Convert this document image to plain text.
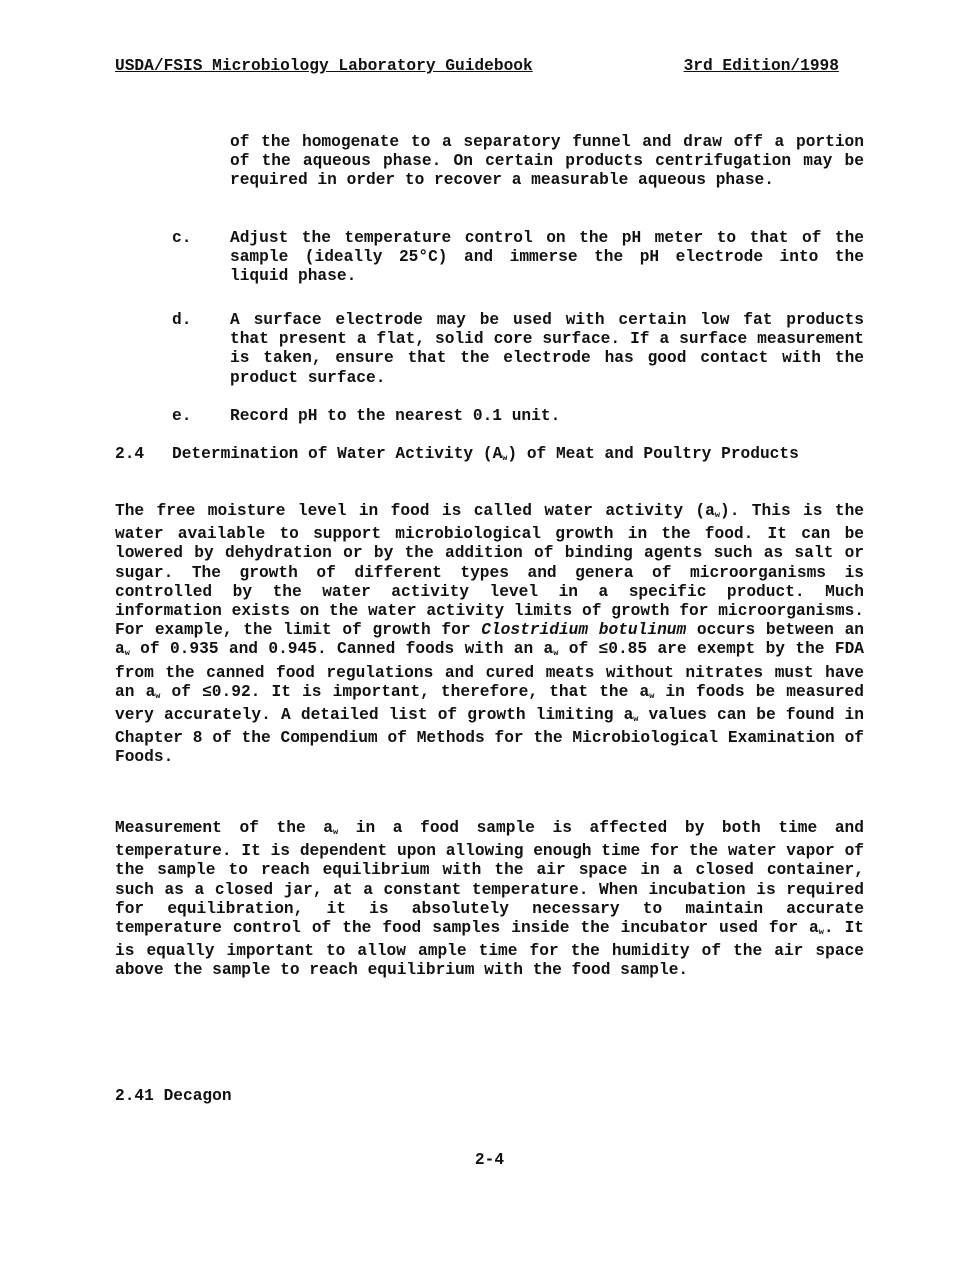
USDA/FSIS Microbiology Laboratory Guidebook	3rd Edition/1998
of the homogenate to a separatory funnel and draw off a portion of the aqueous phase. On certain products centrifugation may be required in order to recover a measurable aqueous phase.
c. Adjust the temperature control on the pH meter to that of the sample (ideally 25°C) and immerse the pH electrode into the liquid phase.
d. A surface electrode may be used with certain low fat products that present a flat, solid core surface. If a surface measurement is taken, ensure that the electrode has good contact with the product surface.
e. Record pH to the nearest 0.1 unit.
2.4 Determination of Water Activity $(A_w)$ of Meat and Poultry Products
The free moisture level in food is called water activity $(a_w)$. This is the water available to support microbiological growth in the food. It can be lowered by dehydration or by the addition of binding agents such as salt or sugar. The growth of different types and genera of microorganisms is controlled by the water activity level in a specific product. Much information exists on the water activity limits of growth for microorganisms. For example, the limit of growth for Clostridium botulinum occurs between an $a_w$ of 0.935 and 0.945. Canned foods with an $a_w$ of ≤0.85 are exempt by the FDA from the canned food regulations and cured meats without nitrates must have an $a_w$ of ≤0.92. It is important, therefore, that the $a_w$ in foods be measured very accurately. A detailed list of growth limiting $a_w$ values can be found in Chapter 8 of the Compendium of Methods for the Microbiological Examination of Foods.
Measurement of the $a_w$ in a food sample is affected by both time and temperature. It is dependent upon allowing enough time for the water vapor of the sample to reach equilibrium with the air space in a closed container, such as a closed jar, at a constant temperature. When incubation is required for equilibration, it is absolutely necessary to maintain accurate temperature control of the food samples inside the incubator used for $a_w$. It is equally important to allow ample time for the humidity of the air space above the sample to reach equilibrium with the food sample.
2.41 Decagon
2-4
